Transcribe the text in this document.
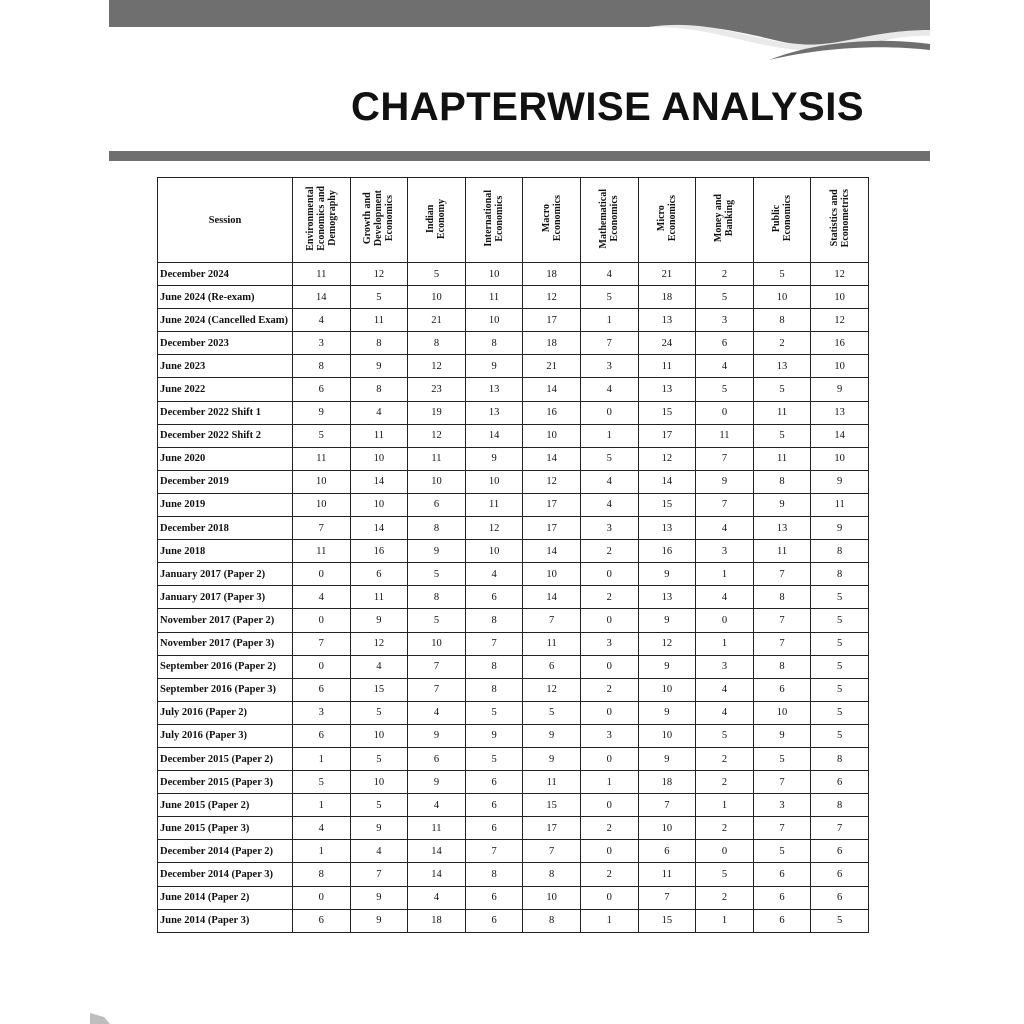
CHAPTERWISE ANALYSIS
Session	Environmental
Economics and
Demography	Growth and
Development
Economics	Indian
Economy	International
Economics	Macro
Economics	Mathematical
Economics	Micro
Economics	Money and
Banking	Public
Economics	Statistics and
Econometrics
December 2024	11	12	5	10	18	4	21	2	5	12
June 2024 (Re-exam)	14	5	10	11	12	5	18	5	10	10
June 2024 (Cancelled Exam)	4	11	21	10	17	1	13	3	8	12
December 2023	3	8	8	8	18	7	24	6	2	16
June 2023	8	9	12	9	21	3	11	4	13	10
June 2022	6	8	23	13	14	4	13	5	5	9
December 2022 Shift 1	9	4	19	13	16	0	15	0	11	13
December 2022 Shift 2	5	11	12	14	10	1	17	11	5	14
June 2020	11	10	11	9	14	5	12	7	11	10
December 2019	10	14	10	10	12	4	14	9	8	9
June 2019	10	10	6	11	17	4	15	7	9	11
December 2018	7	14	8	12	17	3	13	4	13	9
June 2018	11	16	9	10	14	2	16	3	11	8
January 2017 (Paper 2)	0	6	5	4	10	0	9	1	7	8
January 2017 (Paper 3)	4	11	8	6	14	2	13	4	8	5
November 2017 (Paper 2)	0	9	5	8	7	0	9	0	7	5
November 2017 (Paper 3)	7	12	10	7	11	3	12	1	7	5
September 2016 (Paper 2)	0	4	7	8	6	0	9	3	8	5
September 2016 (Paper 3)	6	15	7	8	12	2	10	4	6	5
July 2016 (Paper 2)	3	5	4	5	5	0	9	4	10	5
July 2016 (Paper 3)	6	10	9	9	9	3	10	5	9	5
December 2015 (Paper 2)	1	5	6	5	9	0	9	2	5	8
December 2015 (Paper 3)	5	10	9	6	11	1	18	2	7	6
June 2015 (Paper 2)	1	5	4	6	15	0	7	1	3	8
June 2015 (Paper 3)	4	9	11	6	17	2	10	2	7	7
December 2014 (Paper 2)	1	4	14	7	7	0	6	0	5	6
December 2014 (Paper 3)	8	7	14	8	8	2	11	5	6	6
June 2014 (Paper 2)	0	9	4	6	10	0	7	2	6	6
June 2014 (Paper 3)	6	9	18	6	8	1	15	1	6	5
